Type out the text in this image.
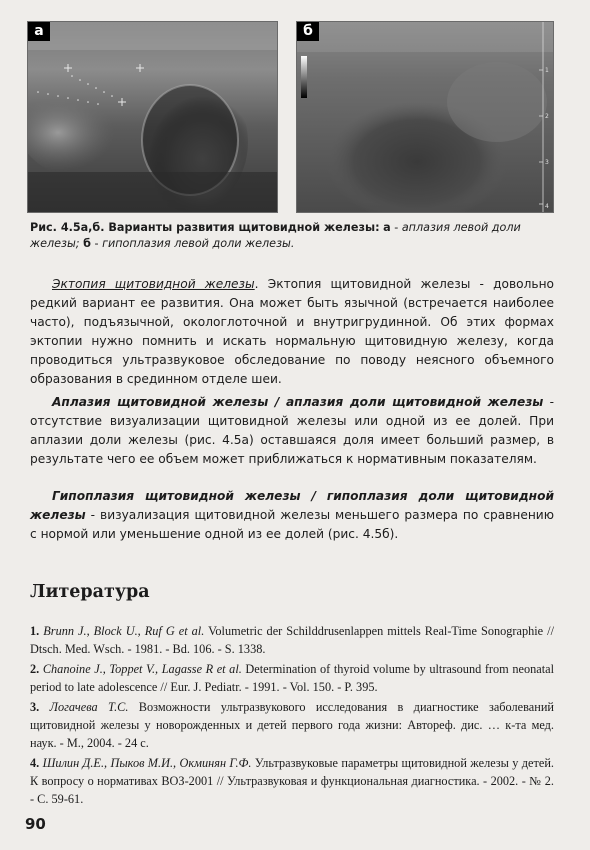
а
1
2
3
4
б

Рис. 4.5а,б. Варианты развития щитовидной железы: а - аплазия левой доли железы; б - гипоплазия левой доли железы.

Эктопия щитовидной железы. Эктопия щитовидной железы - довольно редкий вариант ее развития. Она может быть язычной (встречается наиболее часто), подъязычной, окологлоточной и внутригрудинной. Об этих формах эктопии нужно помнить и искать нормальную щитовидную железу, когда проводиться ультразвуковое обследование по поводу неясного объемного образования в срединном отделе шеи.

Аплазия щитовидной железы / аплазия доли щитовидной железы - отсутствие визуализации щитовидной железы или одной из ее долей. При аплазии доли железы (рис. 4.5а) оставшаяся доля имеет больший размер, в результате чего ее объем может приближаться к нормативным показателям.

Гипоплазия щитовидной железы / гипоплазия доли щитовидной железы - визуализация щитовидной железы меньшего размера по сравнению с нормой или уменьшение одной из ее долей (рис. 4.5б).

Литература
1. Brunn J., Block U., Ruf G et al. Volumetric der Schilddrusenlappen mittels Real-Time Sonographie // Dtsch. Med. Wsch. - 1981. - Bd. 106. - S. 1338.
2. Chanoine J., Toppet V., Lagasse R et al. Determination of thyroid volume by ultrasound from neonatal period to late adolescence // Eur. J. Pediatr. - 1991. - Vol. 150. - P. 395.
3. Логачева Т.С. Возможности ультразвукового исследования в диагностике заболеваний щитовидной железы у новорожденных и детей первого года жизни: Автореф. дис. … к-та мед. наук. - М., 2004. - 24 с.
4. Шилин Д.Е., Пыков М.И., Окминян Г.Ф. Ультразвуковые параметры щитовидной железы у детей. К вопросу о нормативах ВОЗ-2001 // Ультразвуковая и функциональная диагностика. - 2002. - № 2. - С. 59-61.

90
